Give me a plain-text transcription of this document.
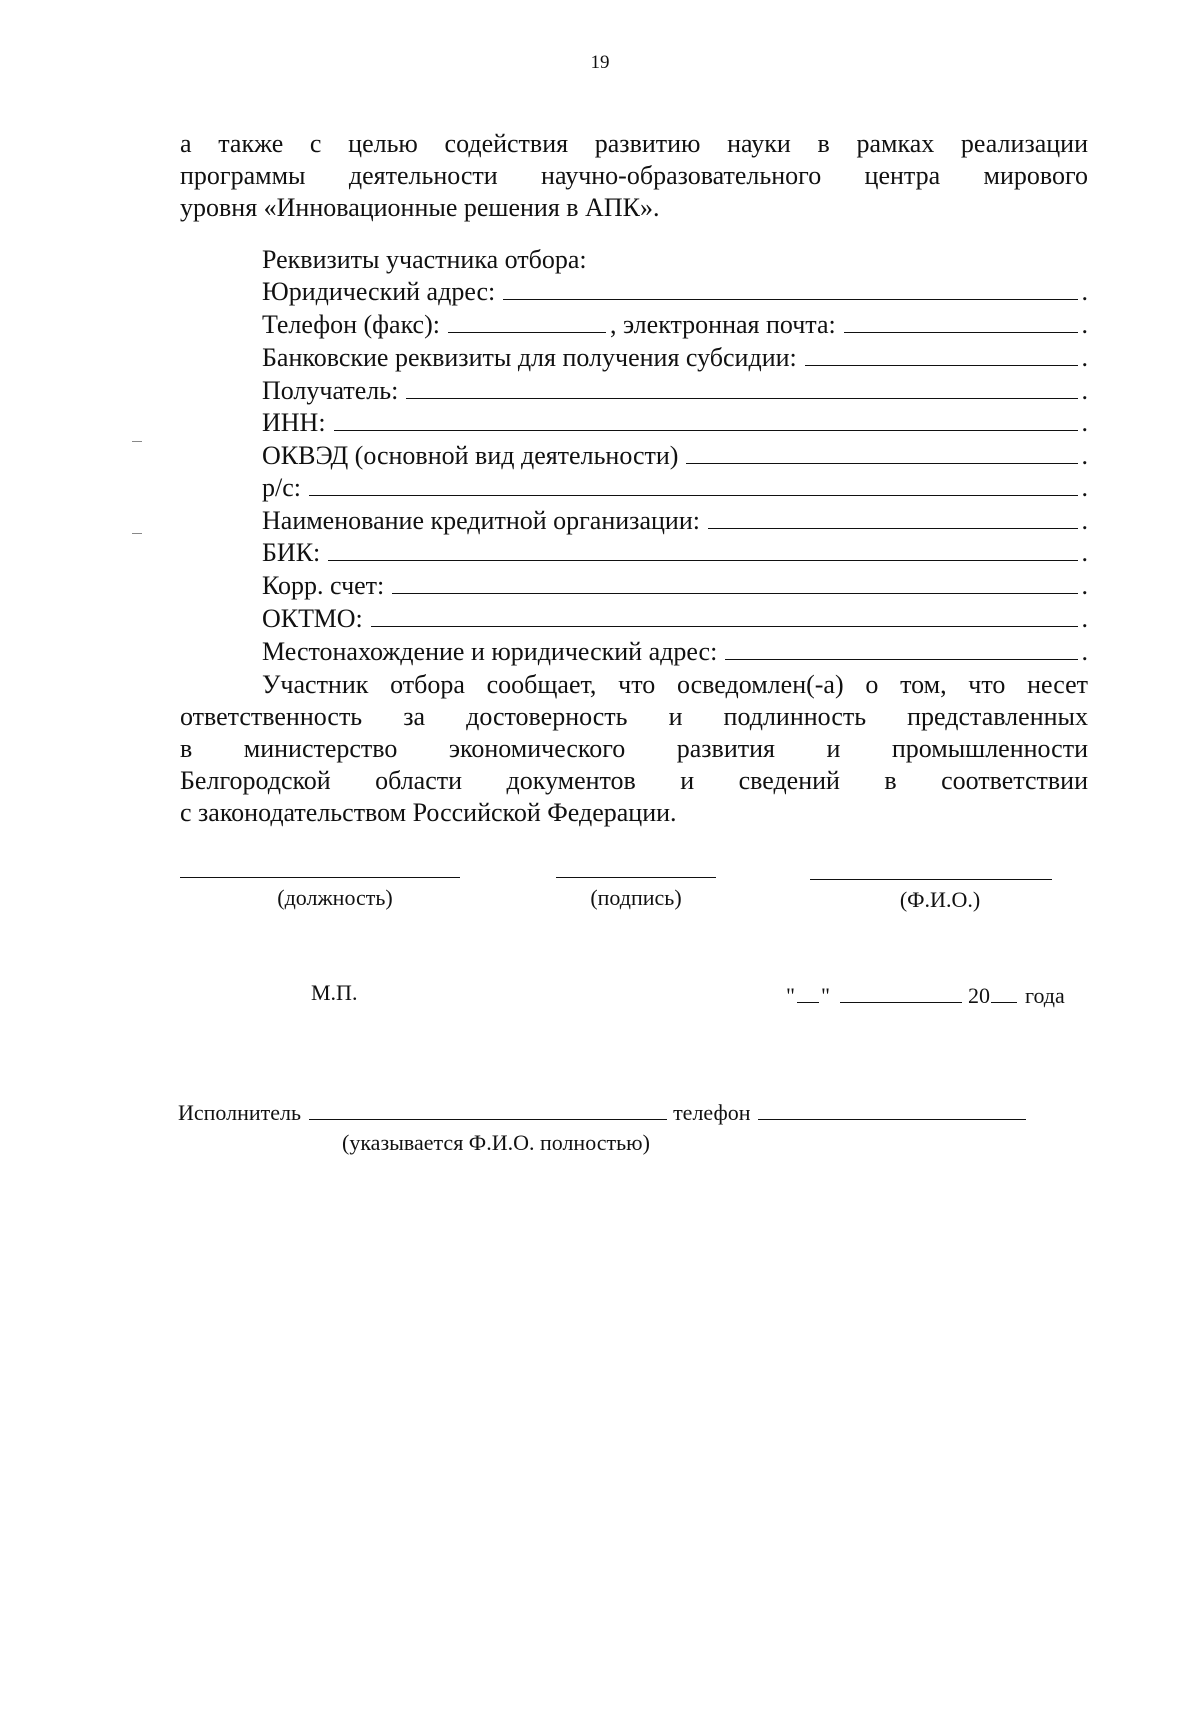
19
а также с целью содействия развитию науки в рамках реализации
программы деятельности научно-образовательного центра мирового
уровня «Инновационные решения в АПК».
Реквизиты участника отбора:
Юридический адрес:	.
Телефон (факс):	, электронная почта:	.
Банковские реквизиты для получения субсидии:	.
Получатель:	.
ИНН:	.
ОКВЭД (основной вид деятельности)	.
р/с:	.
Наименование кредитной организации:	.
БИК:	.
Корр. счет:	.
ОКТМО:	.
Местонахождение и юридический адрес:	.
Участник отбора сообщает, что осведомлен(-а) о том, что несет
ответственность за достоверность и подлинность представленных
в министерство экономического развития и промышленности
Белгородской области документов и сведений в соответствии
с законодательством Российской Федерации.
(должность)	(подпись)	(Ф.И.О.)
М.П.	" "	20 года
Исполнитель	телефон
(указывается Ф.И.О. полностью)
